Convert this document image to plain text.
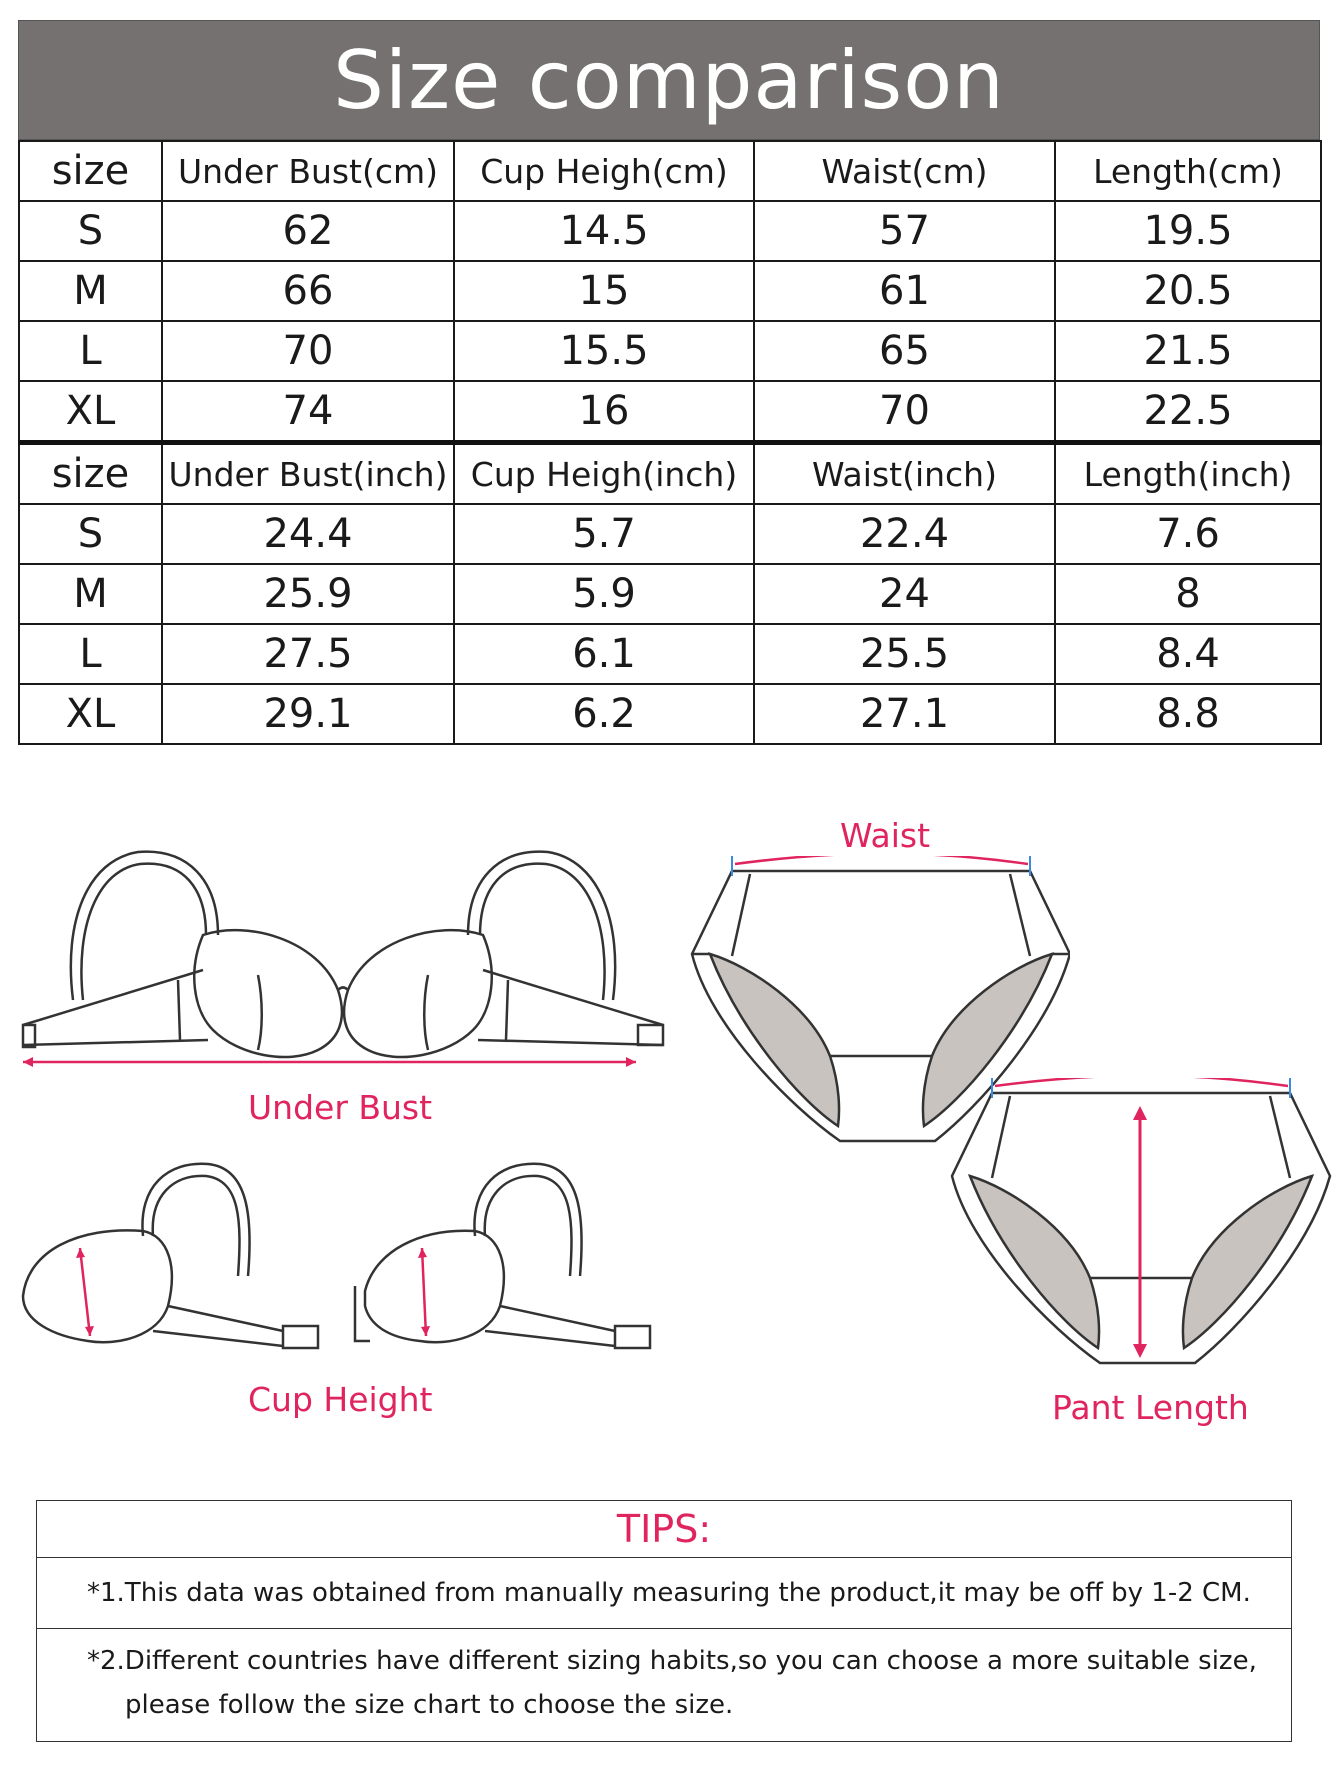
Size comparison
size	Under Bust(cm)	Cup Heigh(cm)	Waist(cm)	Length(cm)
S	62	14.5	57	19.5
M	66	15	61	20.5
L	70	15.5	65	21.5
XL	74	16	70	22.5
size	Under Bust(inch)	Cup Heigh(inch)	Waist(inch)	Length(inch)
S	24.4	5.7	22.4	7.6
M	25.9	5.9	24	8
L	27.5	6.1	25.5	8.4
XL	29.1	6.2	27.1	8.8
Under Bust
Cup Height
Waist
Pant Length
TIPS:
*1.This data was obtained from manually measuring the product,it may be off by 1-2 CM.
*2.Different countries have different sizing habits,so you can choose a more suitable size,
please follow the size chart to choose the size.
